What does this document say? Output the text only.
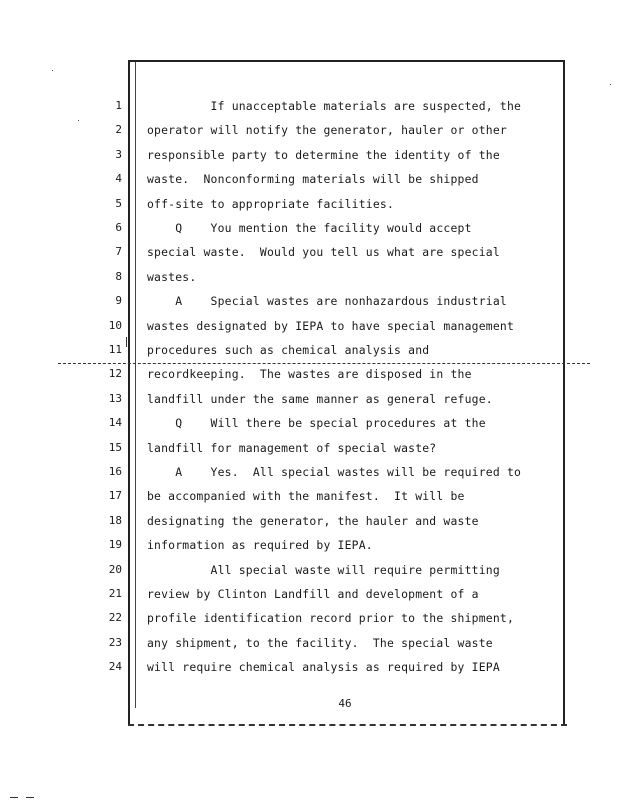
1 If unacceptable materials are suspected, the
2 operator will notify the generator, hauler or other
3 responsible party to determine the identity of the
4 waste.  Nonconforming materials will be shipped
5 off-site to appropriate facilities.
6 Q    You mention the facility would accept
7 special waste.  Would you tell us what are special
8 wastes.
9 A    Special wastes are nonhazardous industrial
10 wastes designated by IEPA to have special management
11 procedures such as chemical analysis and
12 recordkeeping.  The wastes are disposed in the
13 landfill under the same manner as general refuge.
14 Q    Will there be special procedures at the
15 landfill for management of special waste?
16 A    Yes.  All special wastes will be required to
17 be accompanied with the manifest.  It will be
18 designating the generator, the hauler and waste
19 information as required by IEPA.
20 All special waste will require permitting
21 review by Clinton Landfill and development of a
22 profile identification record prior to the shipment,
23 any shipment, to the facility.  The special waste
24 will require chemical analysis as required by IEPA
46
